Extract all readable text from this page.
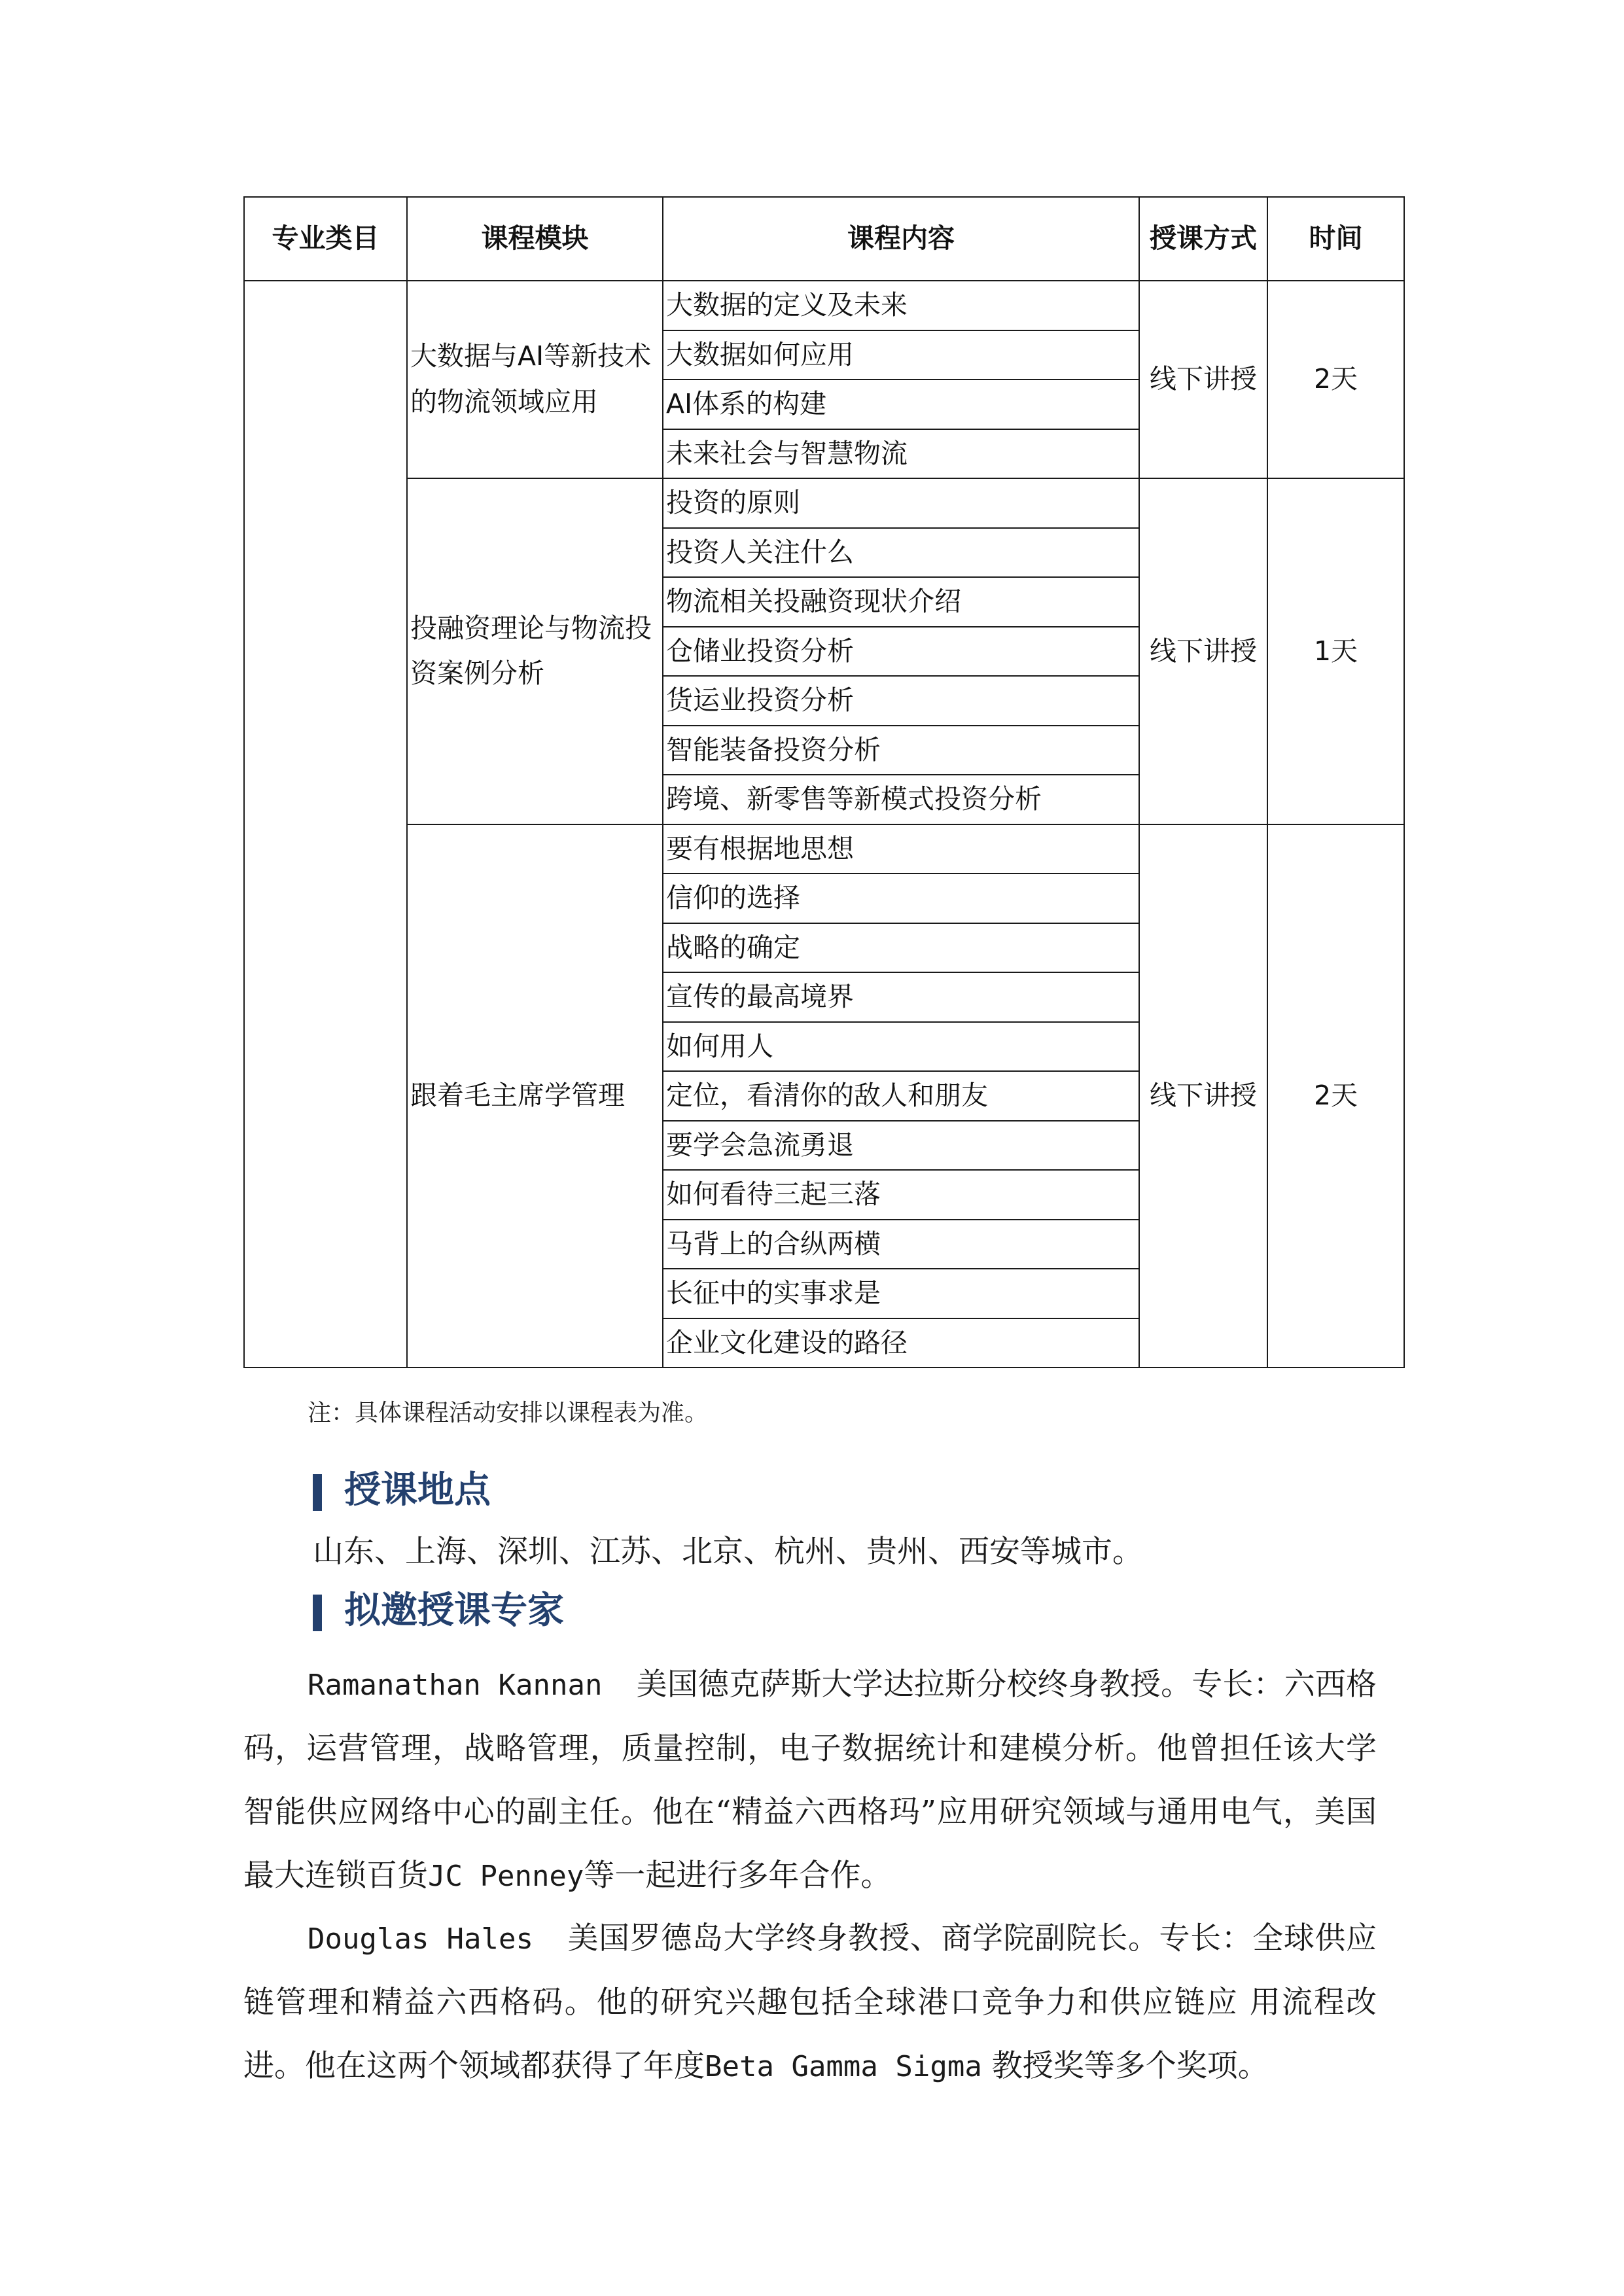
专业类目	课程模块	课程内容	授课方式	时间
	大数据与AI等新技术的物流领域应用	大数据的定义及未来	线下讲授	2天
		大数据如何应用		
		AI体系的构建		
		未来社会与智慧物流		
	投融资理论与物流投资案例分析	投资的原则	线下讲授	1天
		投资人关注什么		
		物流相关投融资现状介绍		
		仓储业投资分析		
		货运业投资分析		
		智能装备投资分析		
		跨境、新零售等新模式投资分析		
	跟着毛主席学管理	要有根据地思想	线下讲授	2天
		信仰的选择		
		战略的确定		
		宣传的最高境界		
		如何用人		
		定位，看清你的敌人和朋友		
		要学会急流勇退		
		如何看待三起三落		
		马背上的合纵两横		
		长征中的实事求是		
		企业文化建设的路径		
注：具体课程活动安排以课程表为准。
授课地点
山东、上海、深圳、江苏、北京、杭州、贵州、西安等城市。
拟邀授课专家
Ramanathan Kannan 美国德克萨斯大学达拉斯分校终身教授。专长：六西格码，运营管理，战略管理，质量控制，电子数据统计和建模分析。他曾担任该大学智能供应网络中心的副主任。他在“精益六西格玛”应用研究领域与通用电气，美国最大连锁百货JC Penney等一起进行多年合作。
Douglas Hales 美国罗德岛大学终身教授、商学院副院长。专长：全球供应链管理和精益六西格码。他的研究兴趣包括全球港口竞争力和供应链应 用流程改进。他在这两个领域都获得了年度Beta Gamma Sigma 教授奖等多个奖项。
